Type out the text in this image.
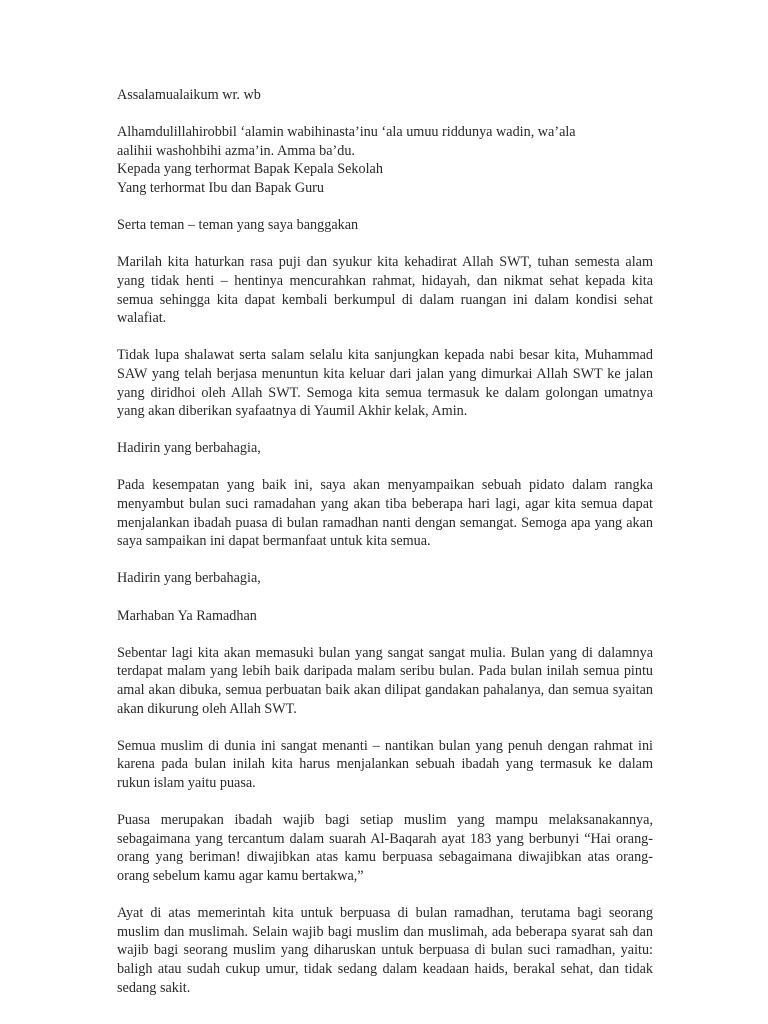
Assalamualaikum wr. wb

Alhamdulillahirobbil ‘alamin wabihinasta’inu ‘ala umuu riddunya wadin, wa’ala
aalihii washohbihi azma’in. Amma ba’du.
Kepada yang terhormat Bapak Kepala Sekolah
Yang terhormat Ibu dan Bapak Guru

Serta teman – teman yang saya banggakan

Marilah kita haturkan rasa puji dan syukur kita kehadirat Allah SWT, tuhan semesta alam yang tidak henti – hentinya mencurahkan rahmat, hidayah, dan nikmat sehat kepada kita semua sehingga kita dapat kembali berkumpul di dalam ruangan ini dalam kondisi sehat walafiat.

Tidak lupa shalawat serta salam selalu kita sanjungkan kepada nabi besar kita, Muhammad SAW yang telah berjasa menuntun kita keluar dari jalan yang dimurkai Allah SWT ke jalan yang diridhoi oleh Allah SWT. Semoga kita semua termasuk ke dalam golongan umatnya yang akan diberikan syafaatnya di Yaumil Akhir kelak, Amin.

Hadirin yang berbahagia,

Pada kesempatan yang baik ini, saya akan menyampaikan sebuah pidato dalam rangka menyambut bulan suci ramadahan yang akan tiba beberapa hari lagi, agar kita semua dapat menjalankan ibadah puasa di bulan ramadhan nanti dengan semangat. Semoga apa yang akan saya sampaikan ini dapat bermanfaat untuk kita semua.

Hadirin yang berbahagia,

Marhaban Ya Ramadhan

Sebentar lagi kita akan memasuki bulan yang sangat sangat mulia. Bulan yang di dalamnya terdapat malam yang lebih baik daripada malam seribu bulan. Pada bulan inilah semua pintu amal akan dibuka, semua perbuatan baik akan dilipat gandakan pahalanya, dan semua syaitan akan dikurung oleh Allah SWT.

Semua muslim di dunia ini sangat menanti – nantikan bulan yang penuh dengan rahmat ini karena pada bulan inilah kita harus menjalankan sebuah ibadah yang termasuk ke dalam rukun islam yaitu puasa.

Puasa merupakan ibadah wajib bagi setiap muslim yang mampu melaksanakannya, sebagaimana yang tercantum dalam suarah Al-Baqarah ayat 183 yang berbunyi “Hai orang-orang yang beriman! diwajibkan atas kamu berpuasa sebagaimana diwajibkan atas orang-orang sebelum kamu agar kamu bertakwa,”

Ayat di atas memerintah kita untuk berpuasa di bulan ramadhan, terutama bagi seorang muslim dan muslimah. Selain wajib bagi muslim dan muslimah, ada beberapa syarat sah dan wajib bagi seorang muslim yang diharuskan untuk berpuasa di bulan suci ramadhan, yaitu: baligh atau sudah cukup umur, tidak sedang dalam keadaan haids, berakal sehat, dan tidak sedang sakit.
